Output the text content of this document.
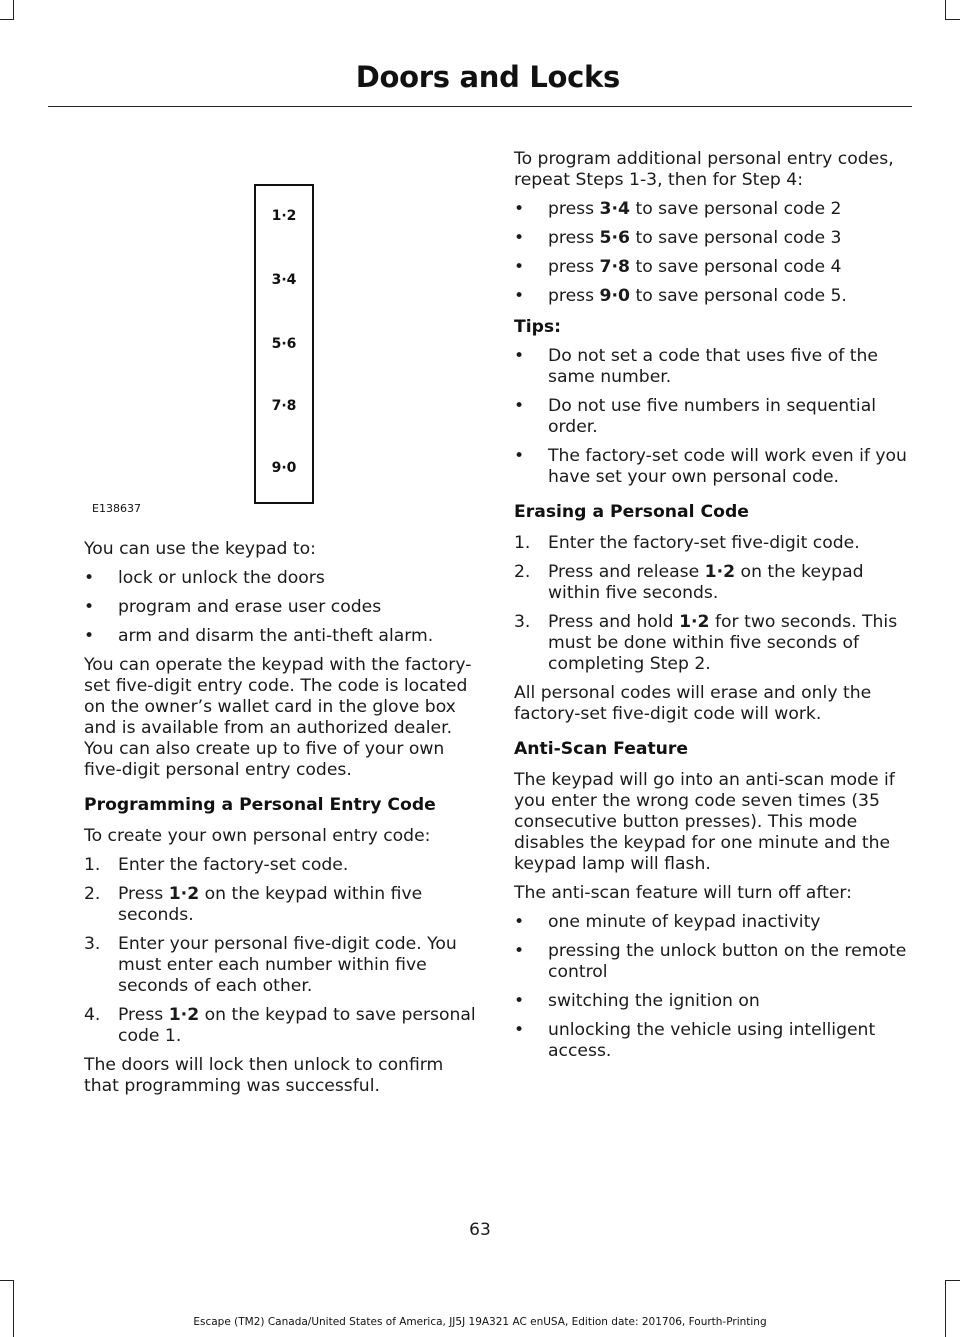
Doors and Locks
1·2
3·4
5·6
7·8
9·0
E138637

You can use the keypad to:

• lock or unlock the doors
• program and erase user codes
• arm and disarm the anti-theft alarm.

You can operate the keypad with the factory-set five-digit entry code. The code is located on the owner’s wallet card in the glove box and is available from an authorized dealer. You can also create up to five of your own five-digit personal entry codes.

Programming a Personal Entry Code

To create your own personal entry code:

1. Enter the factory-set code.
2. Press 1·2 on the keypad within five seconds.
3. Enter your personal five-digit code. You must enter each number within five seconds of each other.
4. Press 1·2 on the keypad to save personal code 1.

The doors will lock then unlock to confirm that programming was successful.

To program additional personal entry codes, repeat Steps 1-3, then for Step 4:

• press 3·4 to save personal code 2
• press 5·6 to save personal code 3
• press 7·8 to save personal code 4
• press 9·0 to save personal code 5.

Tips:

• Do not set a code that uses five of the same number.
• Do not use five numbers in sequential order.
• The factory-set code will work even if you have set your own personal code.

Erasing a Personal Code

1. Enter the factory-set five-digit code.
2. Press and release 1·2 on the keypad within five seconds.
3. Press and hold 1·2 for two seconds. This must be done within five seconds of completing Step 2.

All personal codes will erase and only the factory-set five-digit code will work.

Anti-Scan Feature

The keypad will go into an anti-scan mode if you enter the wrong code seven times (35 consecutive button presses). This mode disables the keypad for one minute and the keypad lamp will flash.

The anti-scan feature will turn off after:

• one minute of keypad inactivity
• pressing the unlock button on the remote control
• switching the ignition on
• unlocking the vehicle using intelligent access.
63
Escape (TM2) Canada/United States of America, JJ5J 19A321 AC enUSA, Edition date: 201706, Fourth-Printing
